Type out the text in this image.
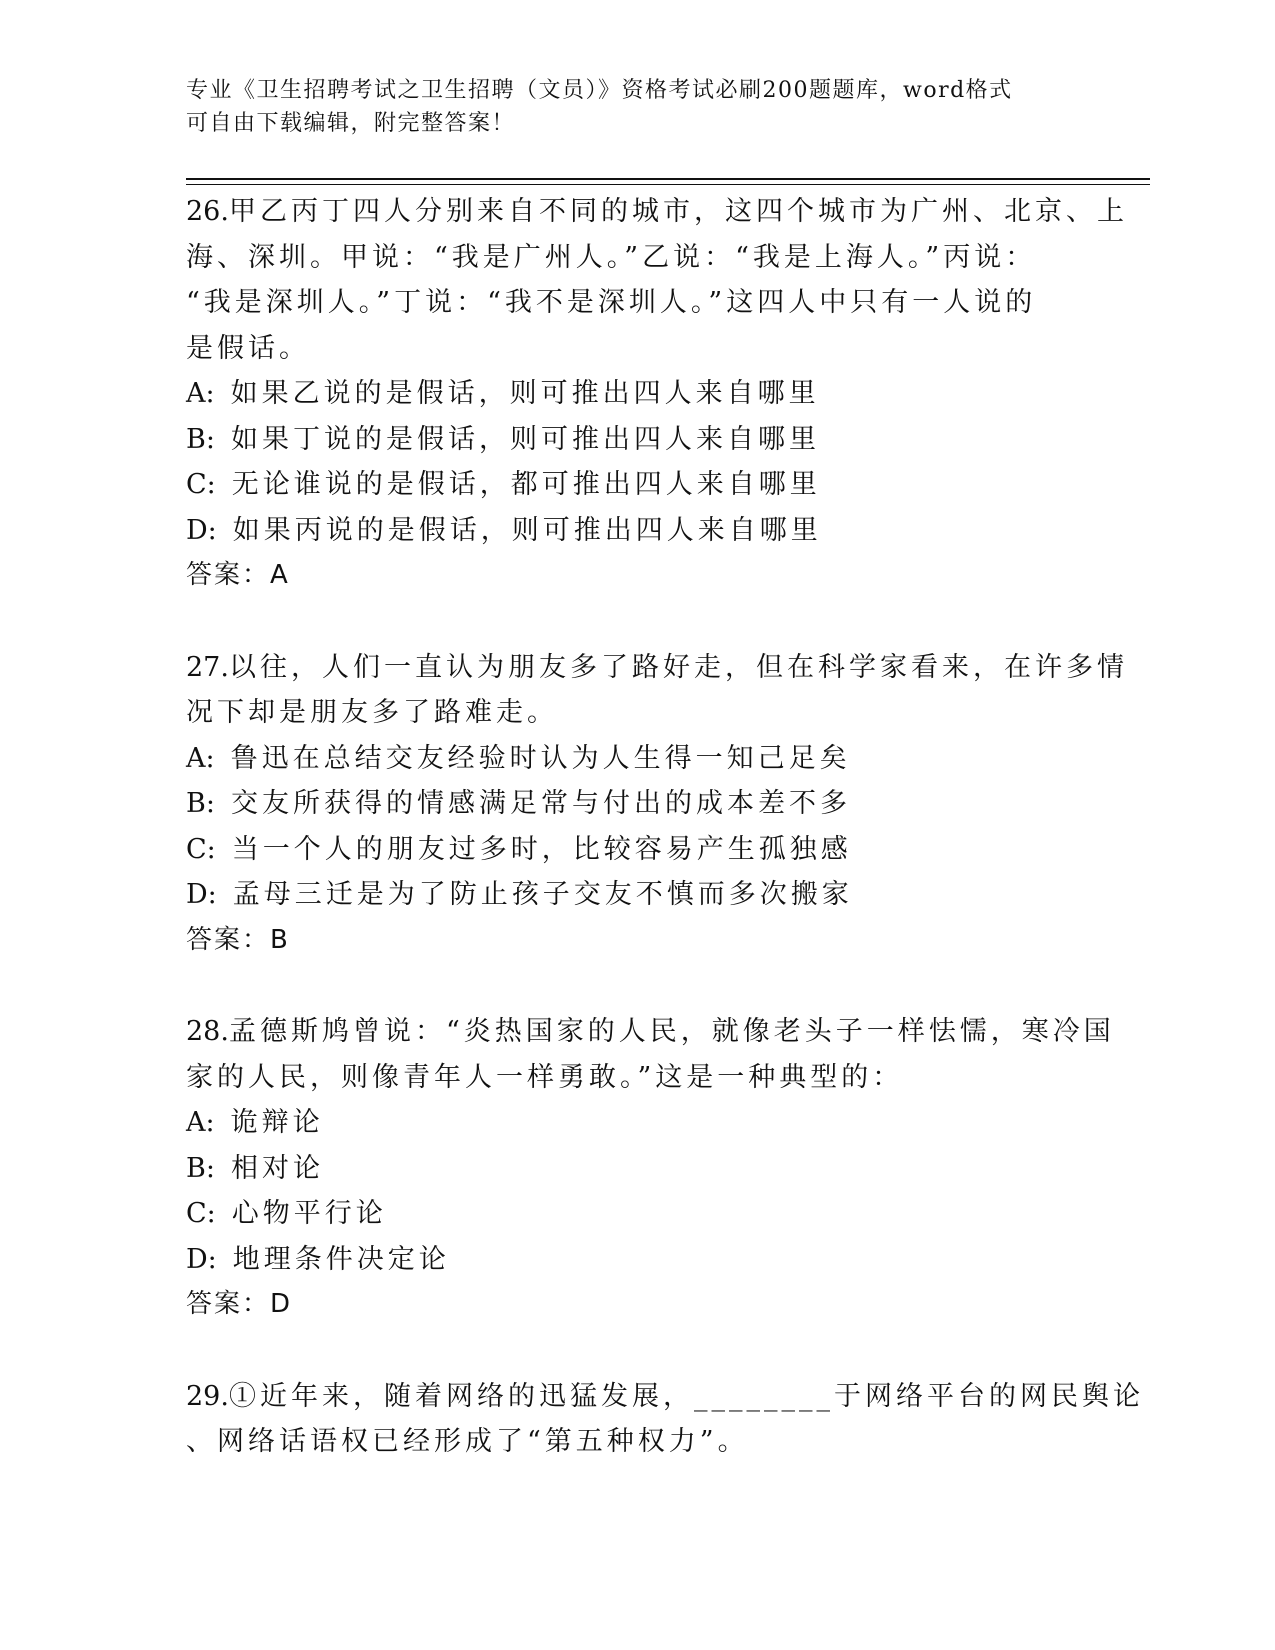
专业《卫生招聘考试之卫生招聘（文员）》资格考试必刷200题题库，word格式
可自由下载编辑，附完整答案！
26.甲乙丙丁四人分别来自不同的城市，这四个城市为广州、北京、上
海、深圳。甲说：“我是广州人。”乙说：“我是上海人。”丙说：
“我是深圳人。”丁说：“我不是深圳人。”这四人中只有一人说的
是假话。
A: 如果乙说的是假话，则可推出四人来自哪里
B: 如果丁说的是假话，则可推出四人来自哪里
C: 无论谁说的是假话，都可推出四人来自哪里
D: 如果丙说的是假话，则可推出四人来自哪里
答案：A
27.以往，人们一直认为朋友多了路好走，但在科学家看来，在许多情
况下却是朋友多了路难走。
A: 鲁迅在总结交友经验时认为人生得一知己足矣
B: 交友所获得的情感满足常与付出的成本差不多
C: 当一个人的朋友过多时，比较容易产生孤独感
D: 孟母三迁是为了防止孩子交友不慎而多次搬家
答案：B
28.孟德斯鸠曾说：“炎热国家的人民，就像老头子一样怯懦，寒冷国
家的人民，则像青年人一样勇敢。”这是一种典型的：
A: 诡辩论
B: 相对论
C: 心物平行论
D: 地理条件决定论
答案：D
29.①近年来，随着网络的迅猛发展，________于网络平台的网民舆论
、网络话语权已经形成了“第五种权力”。
